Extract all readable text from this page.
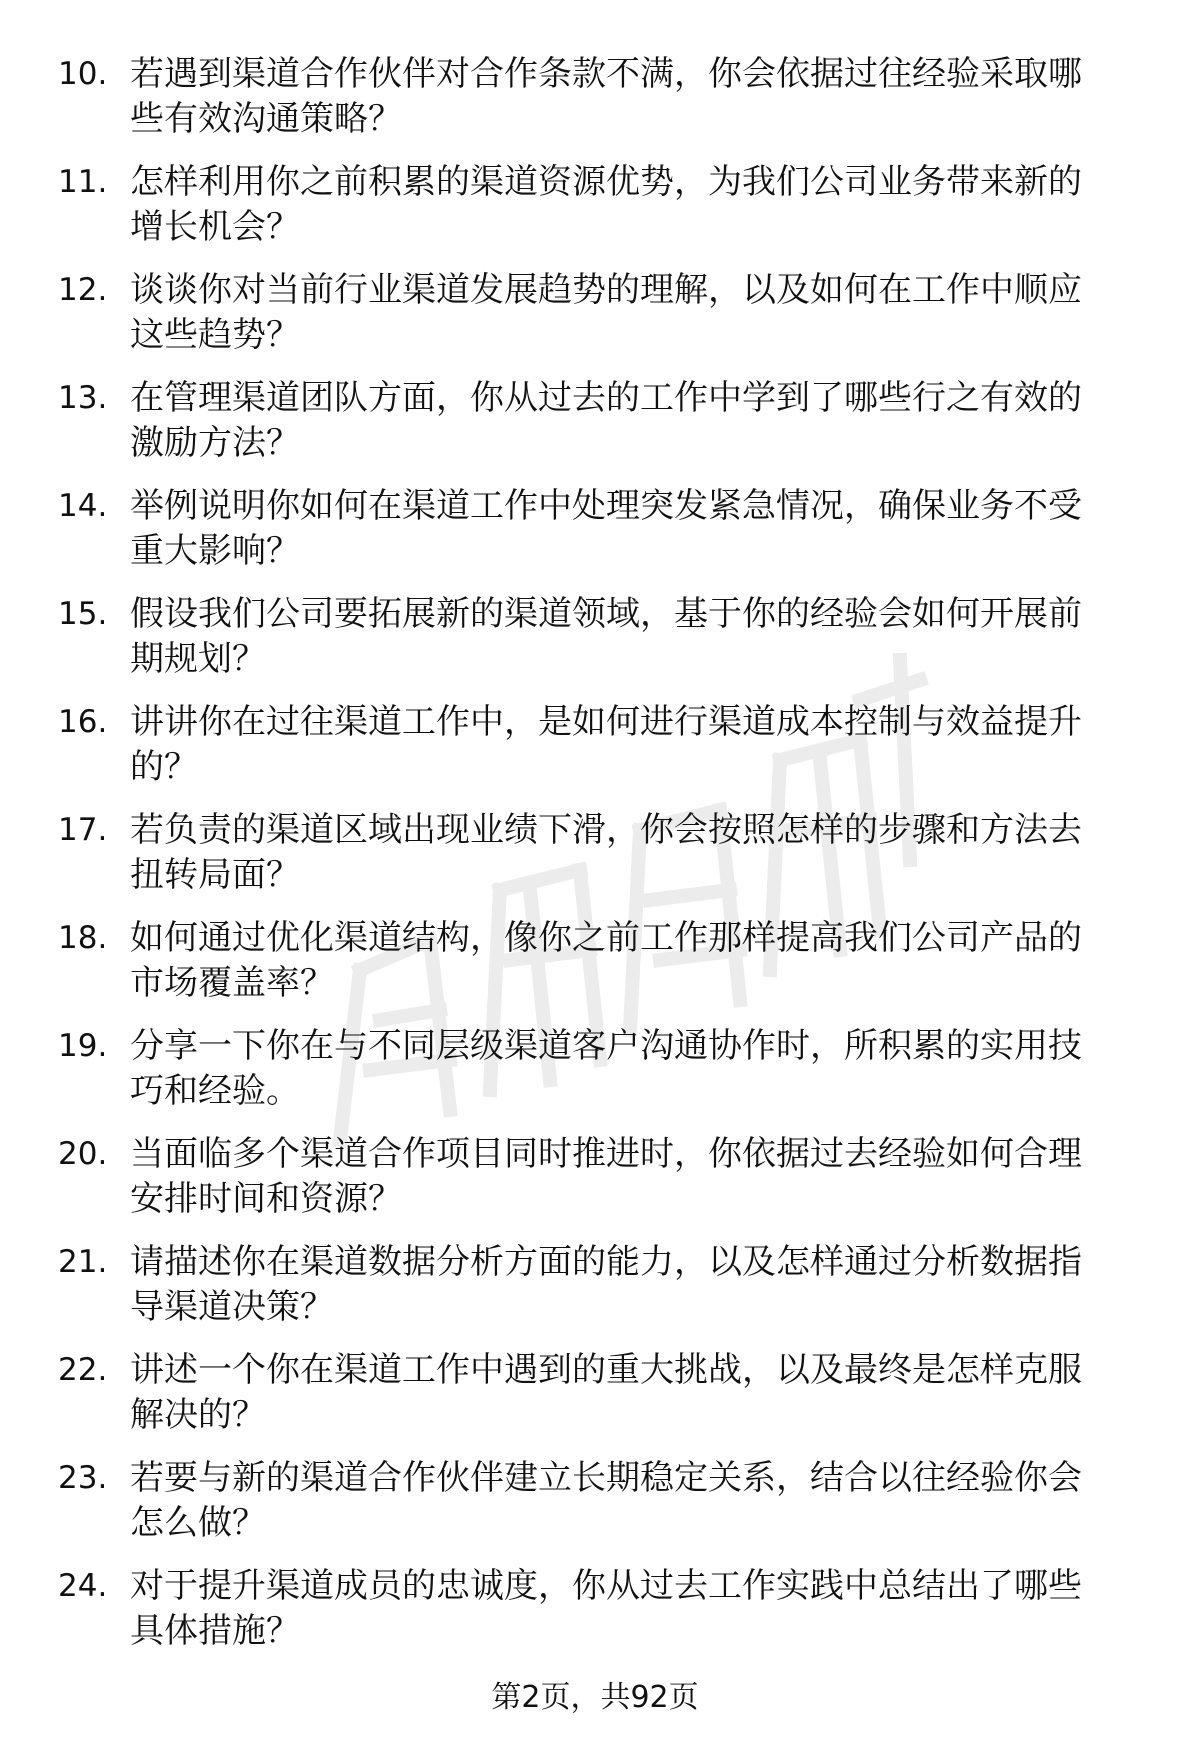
10. 若遇到渠道合作伙伴对合作条款不满，你会依据过往经验采取哪
些有效沟通策略？
11. 怎样利用你之前积累的渠道资源优势，为我们公司业务带来新的
增长机会？
12. 谈谈你对当前行业渠道发展趋势的理解，以及如何在工作中顺应
这些趋势？
13. 在管理渠道团队方面，你从过去的工作中学到了哪些行之有效的
激励方法？
14. 举例说明你如何在渠道工作中处理突发紧急情况，确保业务不受
重大影响？
15. 假设我们公司要拓展新的渠道领域，基于你的经验会如何开展前
期规划？
16. 讲讲你在过往渠道工作中，是如何进行渠道成本控制与效益提升
的？
17. 若负责的渠道区域出现业绩下滑，你会按照怎样的步骤和方法去
扭转局面？
18. 如何通过优化渠道结构，像你之前工作那样提高我们公司产品的
市场覆盖率？
19. 分享一下你在与不同层级渠道客户沟通协作时，所积累的实用技
巧和经验。
20. 当面临多个渠道合作项目同时推进时，你依据过去经验如何合理
安排时间和资源？
21. 请描述你在渠道数据分析方面的能力，以及怎样通过分析数据指
导渠道决策？
22. 讲述一个你在渠道工作中遇到的重大挑战，以及最终是怎样克服
解决的？
23. 若要与新的渠道合作伙伴建立长期稳定关系，结合以往经验你会
怎么做？
24. 对于提升渠道成员的忠诚度，你从过去工作实践中总结出了哪些
具体措施？
第2页，共92页
